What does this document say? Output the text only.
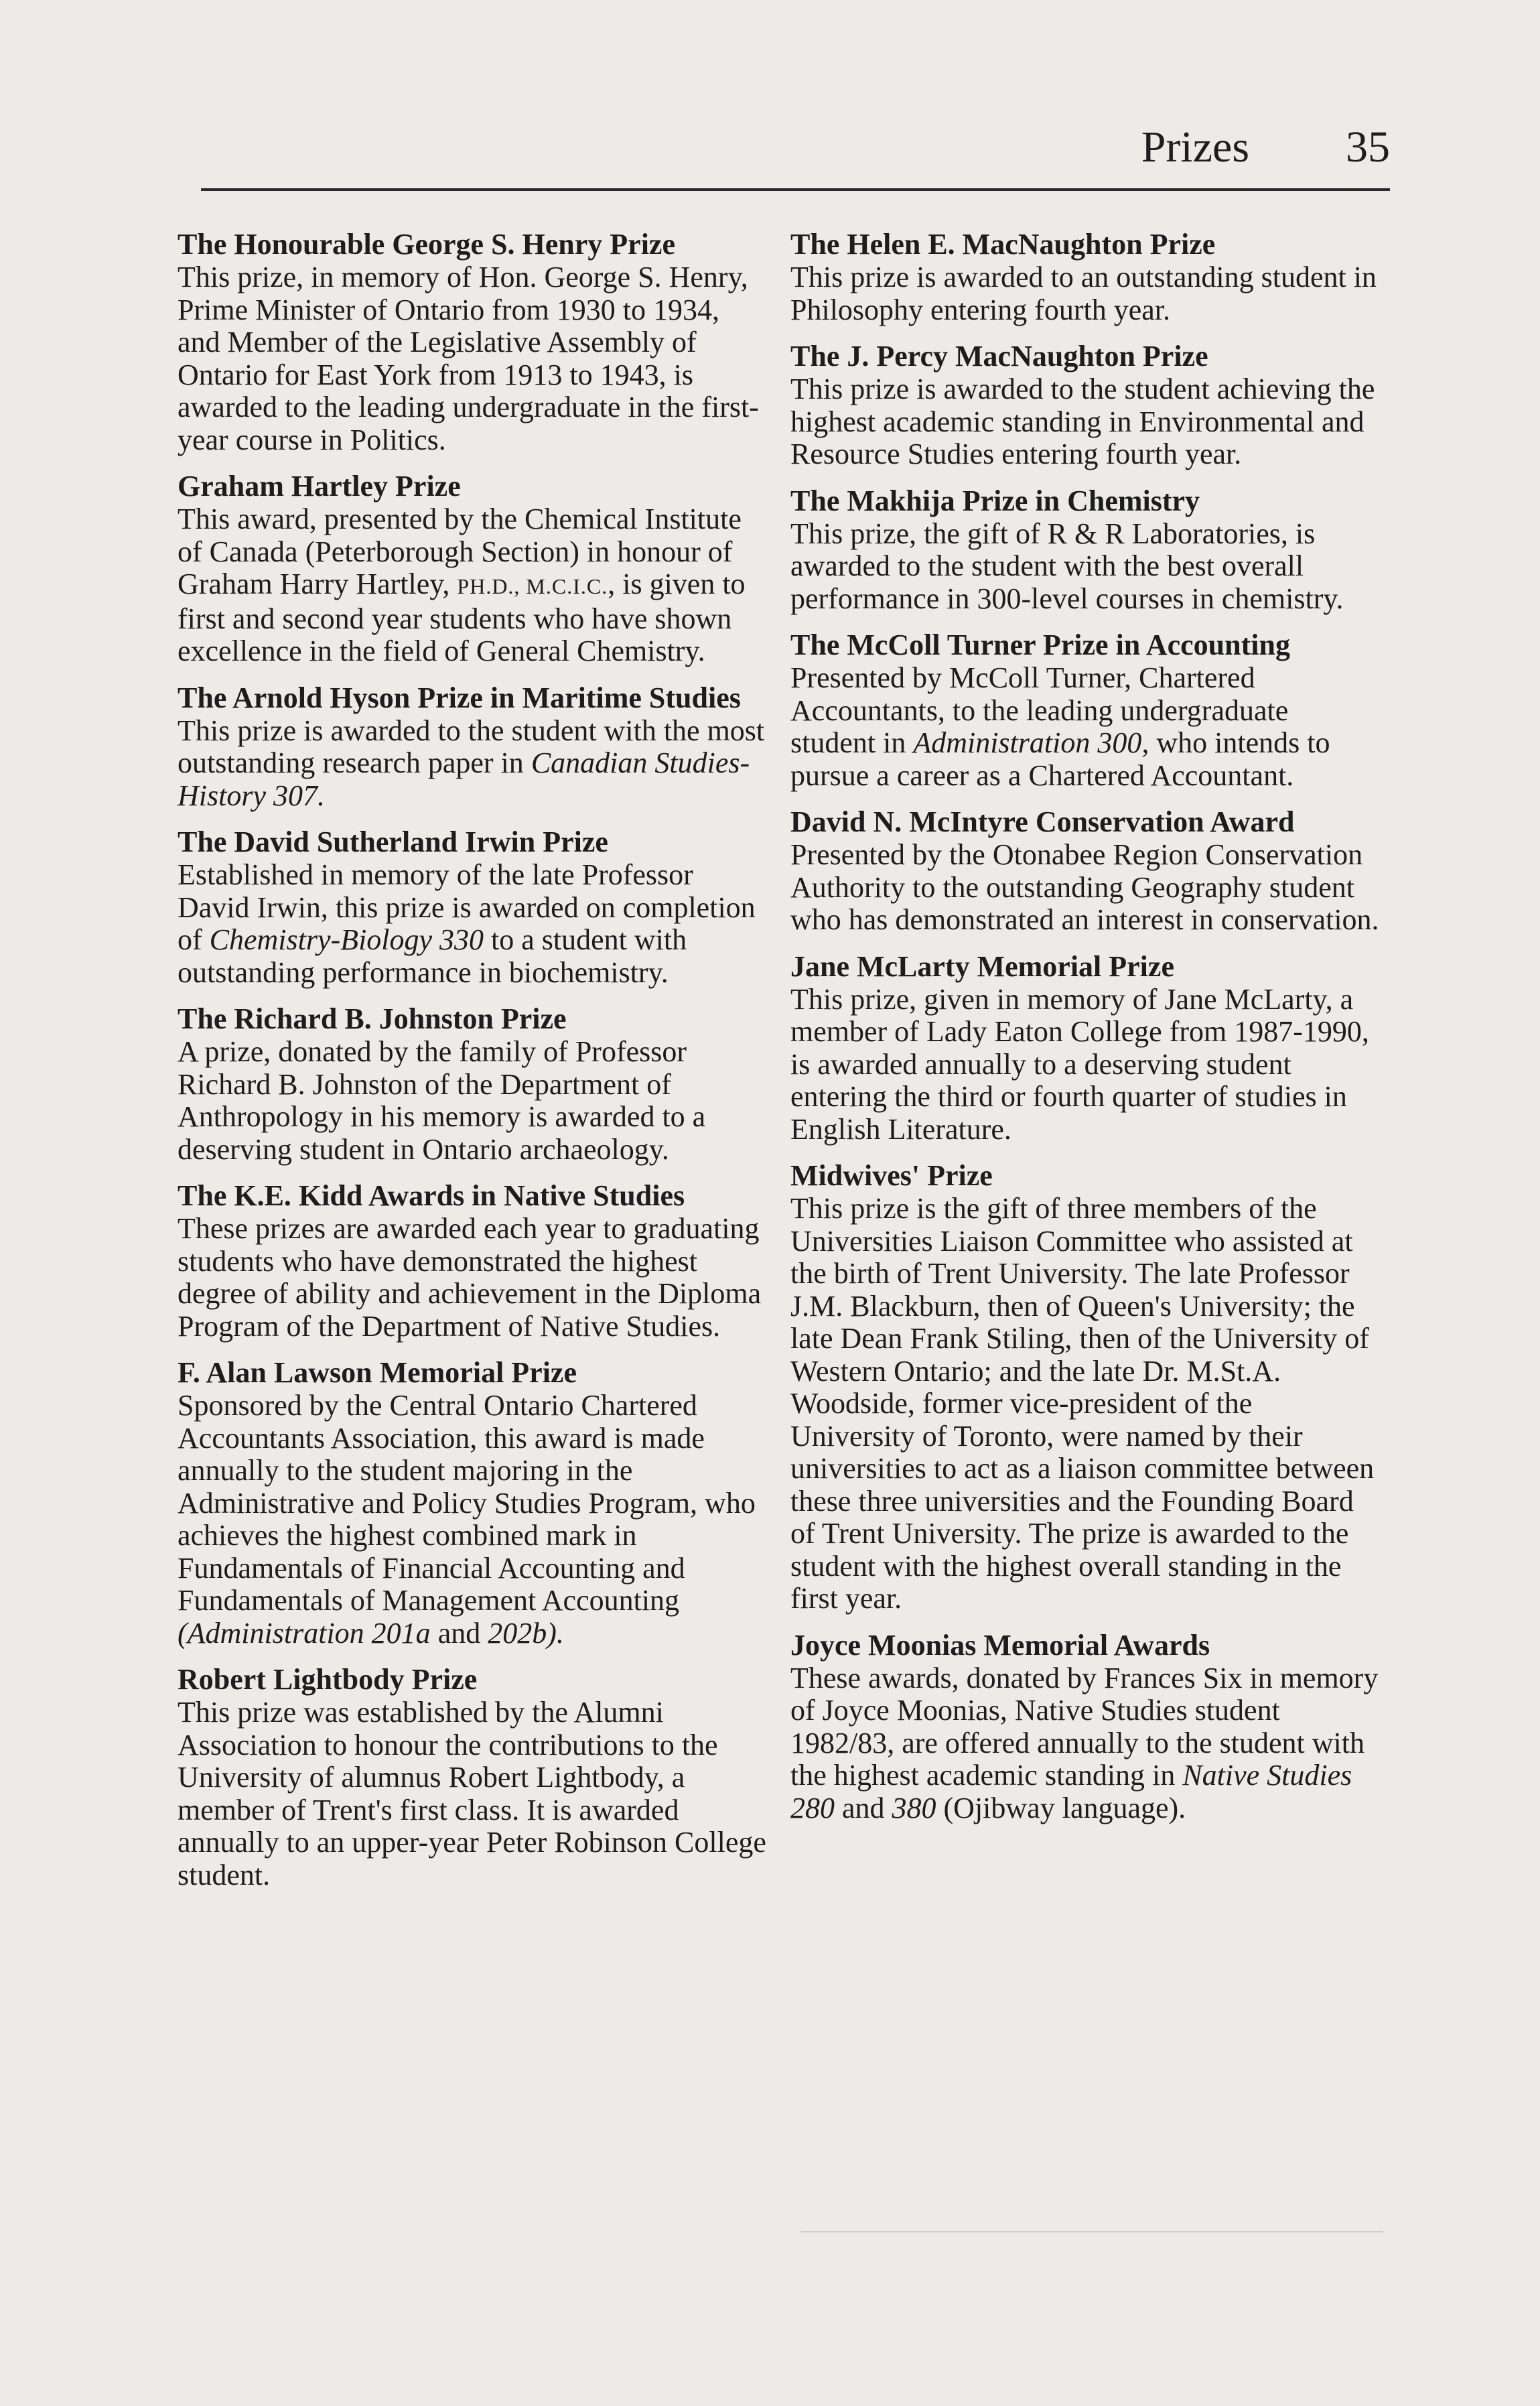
Prizes 35
The Honourable George S. Henry Prize
This prize, in memory of Hon. George S. Henry, Prime Minister of Ontario from 1930 to 1934, and Member of the Legislative Assembly of Ontario for East York from 1913 to 1943, is awarded to the leading undergraduate in the first-year course in Politics.
Graham Hartley Prize
This award, presented by the Chemical Institute of Canada (Peterborough Section) in honour of Graham Harry Hartley, PH.D., M.C.I.C., is given to first and second year students who have shown excellence in the field of General Chemistry.
The Arnold Hyson Prize in Maritime Studies
This prize is awarded to the student with the most outstanding research paper in Canadian Studies-History 307.
The David Sutherland Irwin Prize
Established in memory of the late Professor David Irwin, this prize is awarded on completion of Chemistry-Biology 330 to a student with outstanding performance in biochemistry.
The Richard B. Johnston Prize
A prize, donated by the family of Professor Richard B. Johnston of the Department of Anthropology in his memory is awarded to a deserving student in Ontario archaeology.
The K.E. Kidd Awards in Native Studies
These prizes are awarded each year to graduating students who have demonstrated the highest degree of ability and achievement in the Diploma Program of the Department of Native Studies.
F. Alan Lawson Memorial Prize
Sponsored by the Central Ontario Chartered Accountants Association, this award is made annually to the student majoring in the Administrative and Policy Studies Program, who achieves the highest combined mark in Fundamentals of Financial Accounting and Fundamentals of Management Accounting (Administration 201a and 202b).
Robert Lightbody Prize
This prize was established by the Alumni Association to honour the contributions to the University of alumnus Robert Lightbody, a member of Trent's first class. It is awarded annually to an upper-year Peter Robinson College student.
The Helen E. MacNaughton Prize
This prize is awarded to an outstanding student in Philosophy entering fourth year.
The J. Percy MacNaughton Prize
This prize is awarded to the student achieving the highest academic standing in Environmental and Resource Studies entering fourth year.
The Makhija Prize in Chemistry
This prize, the gift of R & R Laboratories, is awarded to the student with the best overall performance in 300-level courses in chemistry.
The McColl Turner Prize in Accounting
Presented by McColl Turner, Chartered Accountants, to the leading undergraduate student in Administration 300, who intends to pursue a career as a Chartered Accountant.
David N. McIntyre Conservation Award
Presented by the Otonabee Region Conservation Authority to the outstanding Geography student who has demonstrated an interest in conservation.
Jane McLarty Memorial Prize
This prize, given in memory of Jane McLarty, a member of Lady Eaton College from 1987-1990, is awarded annually to a deserving student entering the third or fourth quarter of studies in English Literature.
Midwives' Prize
This prize is the gift of three members of the Universities Liaison Committee who assisted at the birth of Trent University. The late Professor J.M. Blackburn, then of Queen's University; the late Dean Frank Stiling, then of the University of Western Ontario; and the late Dr. M.St.A. Woodside, former vice-president of the University of Toronto, were named by their universities to act as a liaison committee between these three universities and the Founding Board of Trent University. The prize is awarded to the student with the highest overall standing in the first year.
Joyce Moonias Memorial Awards
These awards, donated by Frances Six in memory of Joyce Moonias, Native Studies student 1982/83, are offered annually to the student with the highest academic standing in Native Studies 280 and 380 (Ojibway language).
